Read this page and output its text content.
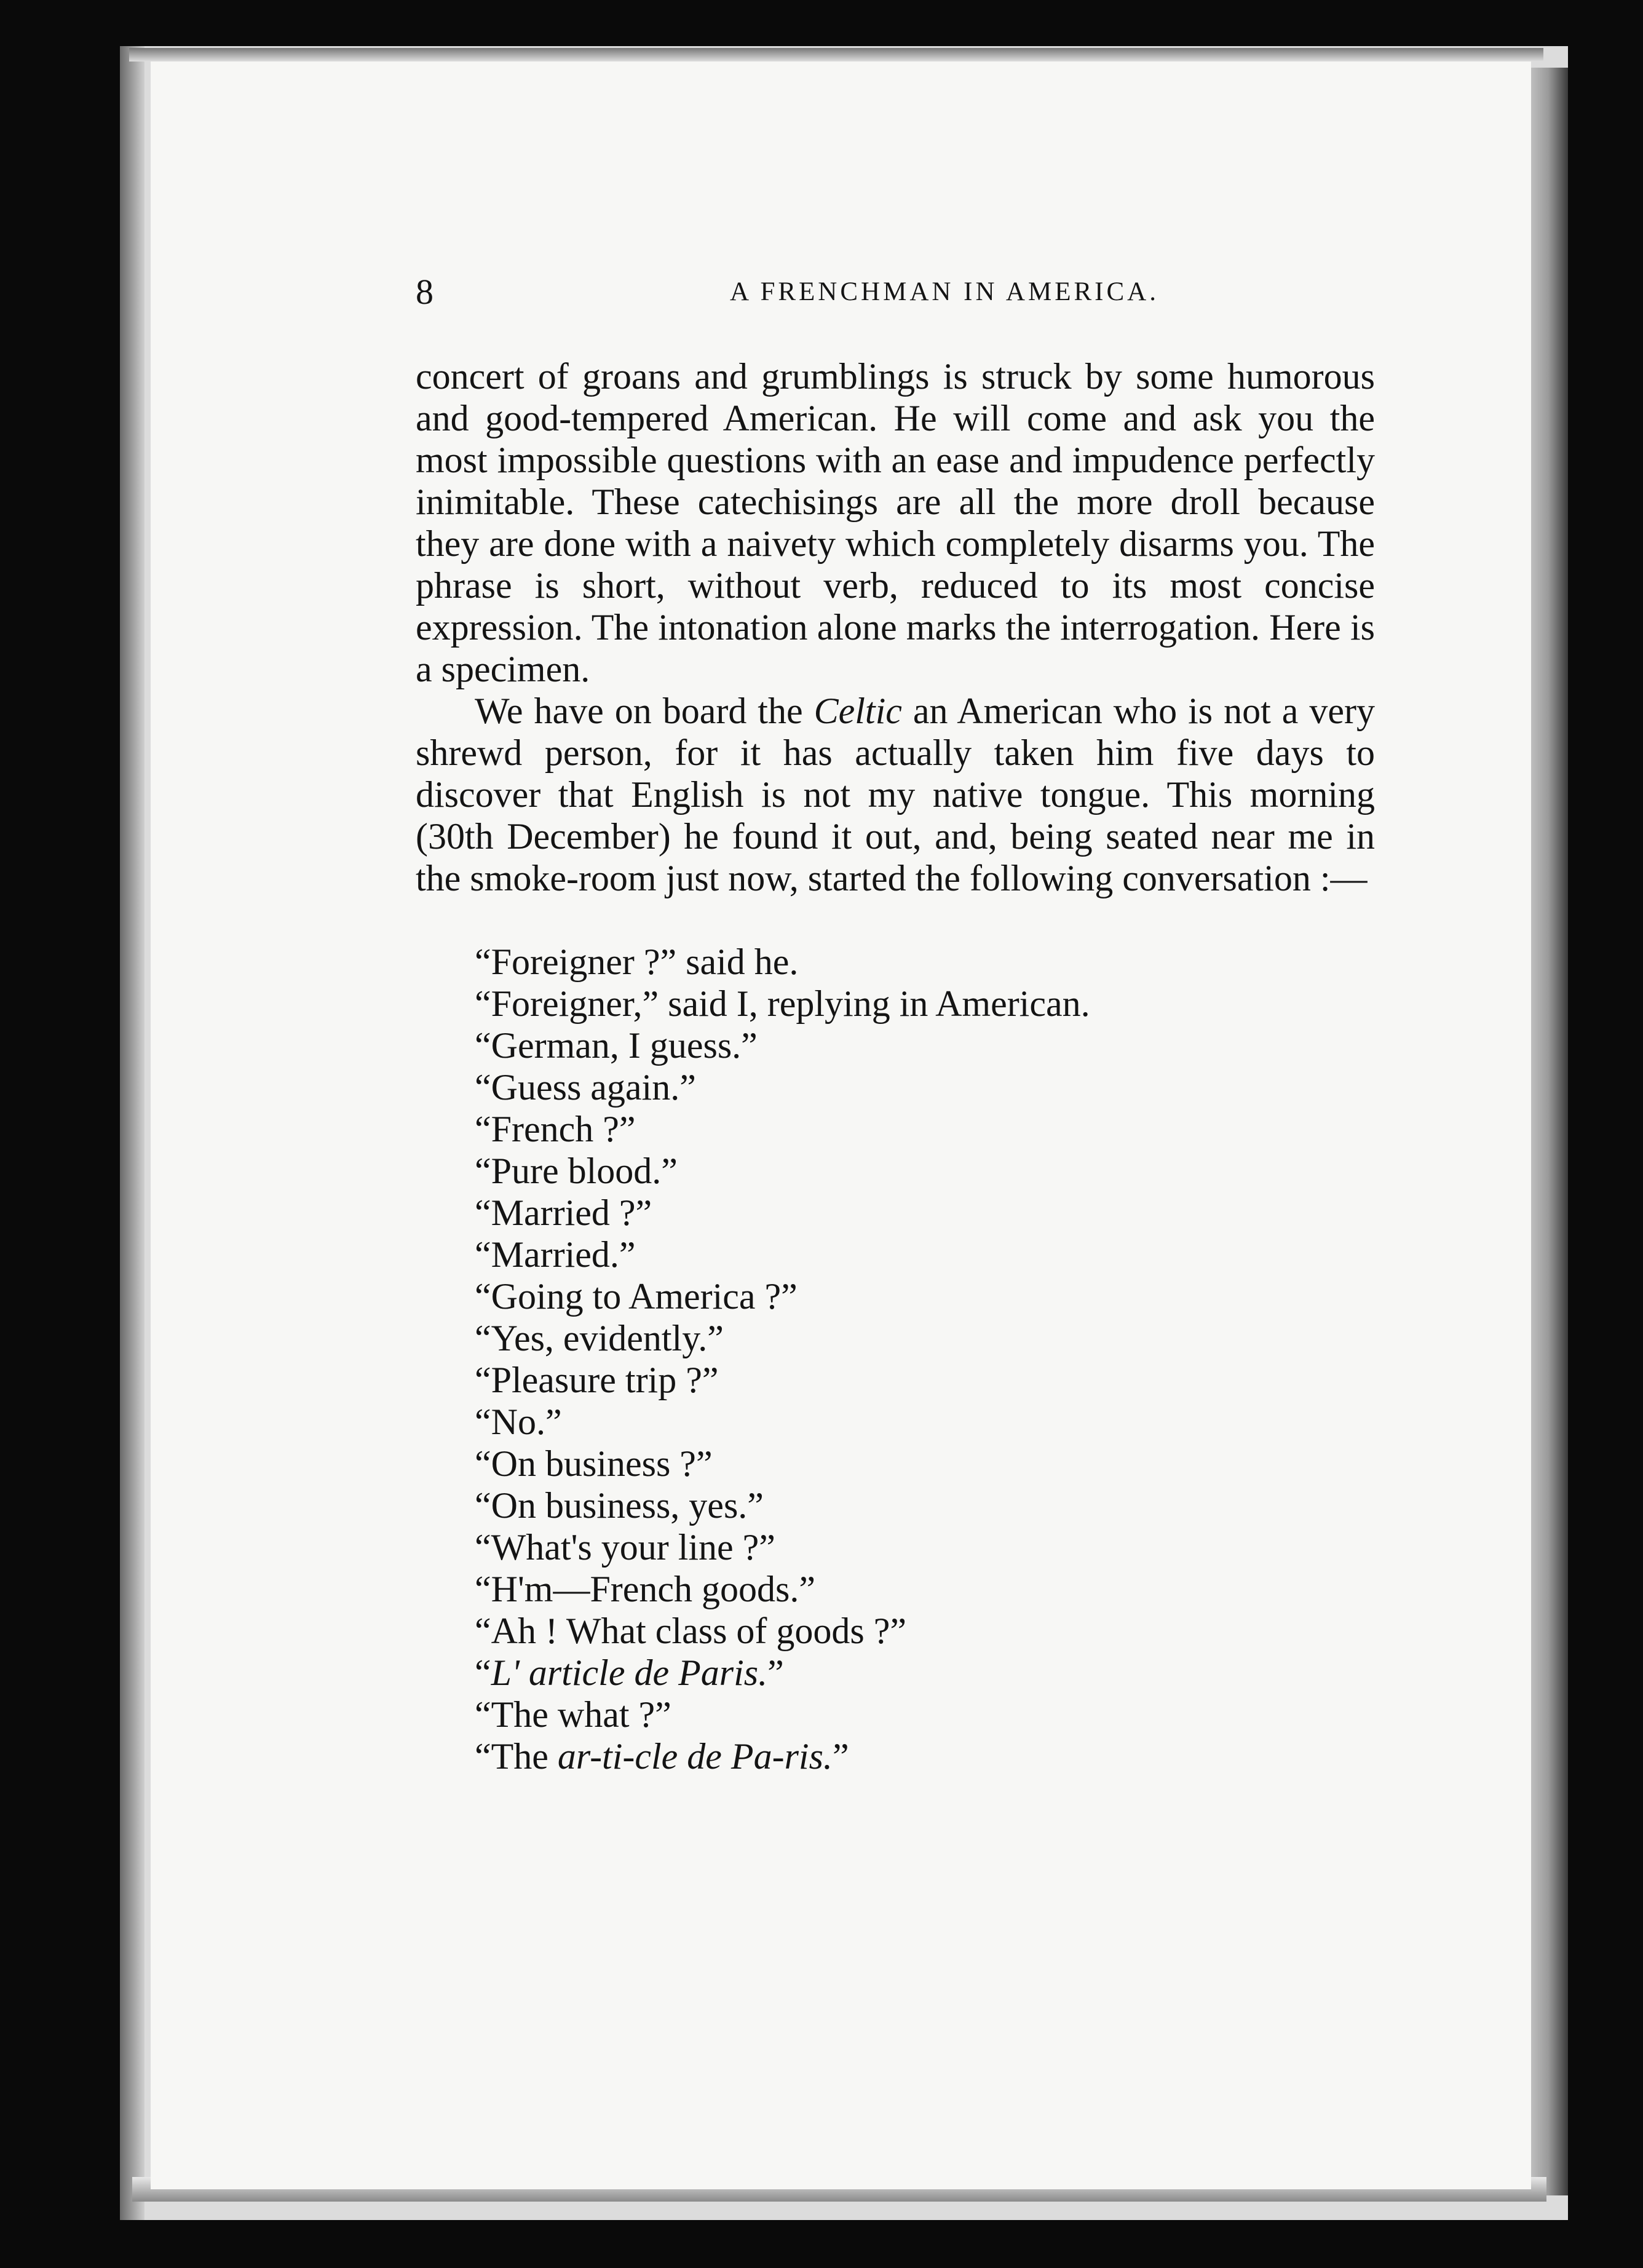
8	A FRENCHMAN IN AMERICA.

concert of groans and grumblings is struck by some humorous and good-tempered American. He will come and ask you the most impossible questions with an ease and impudence perfectly inimitable. These catechisings are all the more droll because they are done with a naivety which completely disarms you. The phrase is short, without verb, reduced to its most concise expression. The intonation alone marks the interrogation. Here is a specimen.

We have on board the Celtic an American who is not a very shrewd person, for it has actually taken him five days to discover that English is not my native tongue. This morning (30th December) he found it out, and, being seated near me in the smoke-room just now, started the following conversation :—

“Foreigner ?” said he.
“Foreigner,” said I, replying in American.
“German, I guess.”
“Guess again.”
“French ?”
“Pure blood.”
“Married ?”
“Married.”
“Going to America ?”
“Yes, evidently.”
“Pleasure trip ?”
“No.”
“On business ?”
“On business, yes.”
“What's your line ?”
“H'm—French goods.”
“Ah ! What class of goods ?”
“L' article de Paris.”
“The what ?”
“The ar-ti-cle de Pa-ris.”
